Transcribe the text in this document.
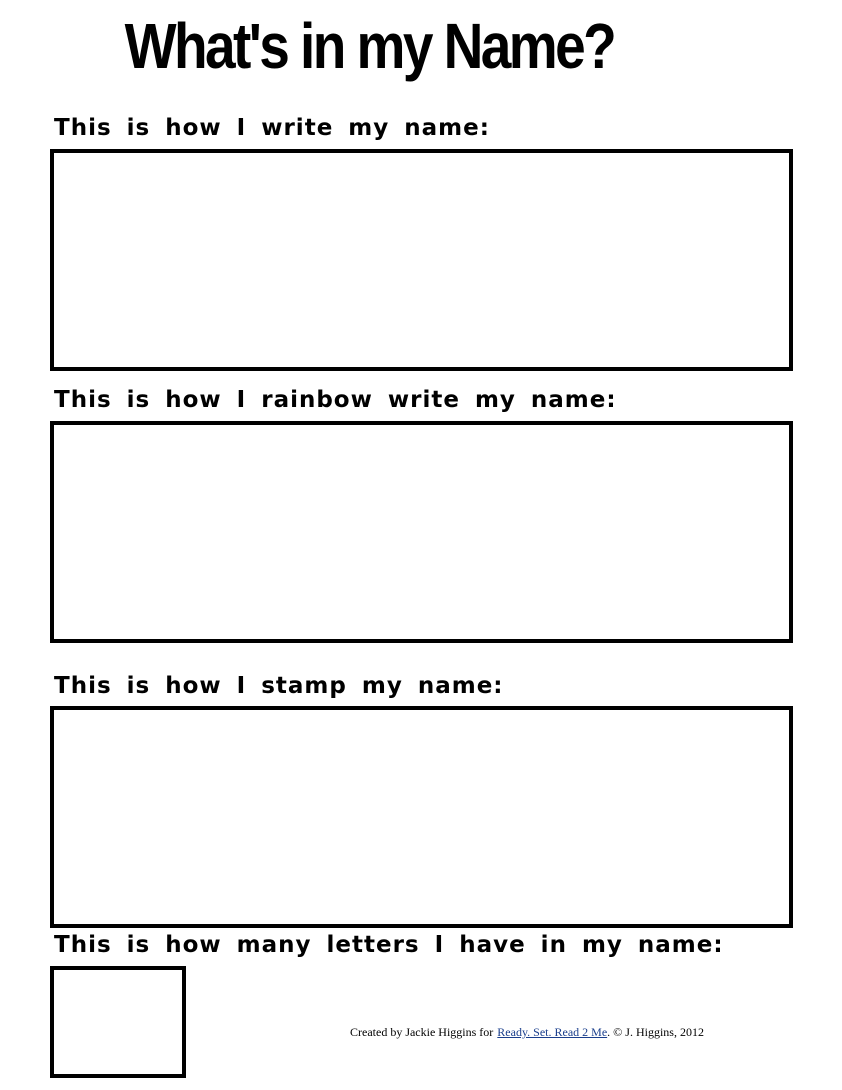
What's in my Name?
This is how I write my name:
This is how I rainbow write my name:
This is how I stamp my name:
This is how many letters I have in my name:
Created by Jackie Higgins for Ready. Set. Read 2 Me. © J. Higgins, 2012
